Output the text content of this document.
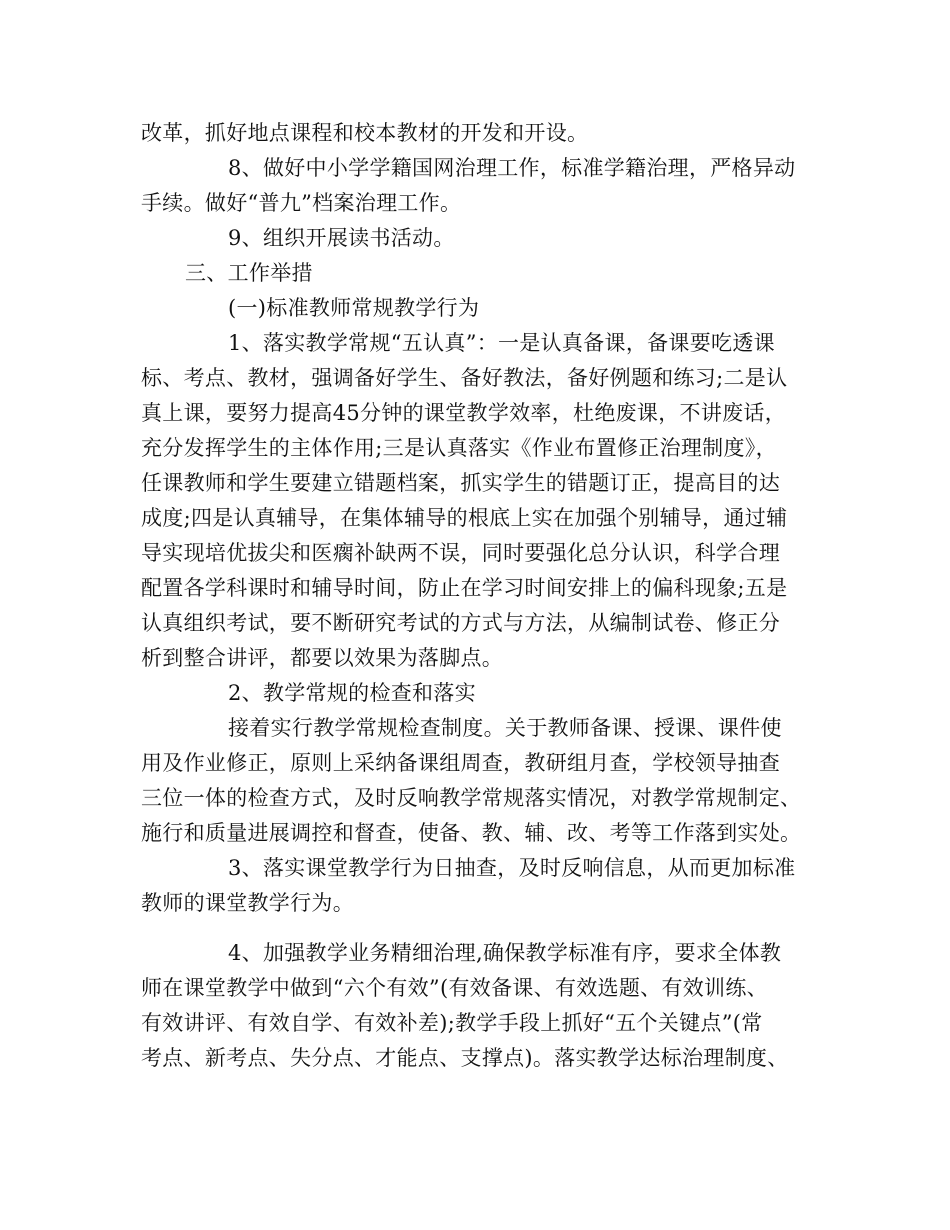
改革，抓好地点课程和校本教材的开发和开设。
8、做好中小学学籍国网治理工作，标准学籍治理，严格异动
手续。做好“普九”档案治理工作。
9、组织开展读书活动。
三、工作举措
(一)标准教师常规教学行为
1、落实教学常规“五认真”：一是认真备课，备课要吃透课
标、考点、教材，强调备好学生、备好教法，备好例题和练习;二是认
真上课，要努力提高45分钟的课堂教学效率，杜绝废课，不讲废话，
充分发挥学生的主体作用;三是认真落实《作业布置修正治理制度》，
任课教师和学生要建立错题档案，抓实学生的错题订正，提高目的达
成度;四是认真辅导，在集体辅导的根底上实在加强个别辅导，通过辅
导实现培优拔尖和医瘸补缺两不误，同时要强化总分认识，科学合理
配置各学科课时和辅导时间，防止在学习时间安排上的偏科现象;五是
认真组织考试，要不断研究考试的方式与方法，从编制试卷、修正分
析到整合讲评，都要以效果为落脚点。
2、教学常规的检查和落实
接着实行教学常规检查制度。关于教师备课、授课、课件使
用及作业修正，原则上采纳备课组周查，教研组月查，学校领导抽查
三位一体的检查方式，及时反响教学常规落实情况，对教学常规制定、
施行和质量进展调控和督查，使备、教、辅、改、考等工作落到实处。
3、落实课堂教学行为日抽查，及时反响信息，从而更加标准
教师的课堂教学行为。
4、加强教学业务精细治理,确保教学标准有序，要求全体教
师在课堂教学中做到“六个有效”(有效备课、有效选题、有效训练、
有效讲评、有效自学、有效补差);教学手段上抓好“五个关键点”(常
考点、新考点、失分点、才能点、支撑点)。落实教学达标治理制度、
